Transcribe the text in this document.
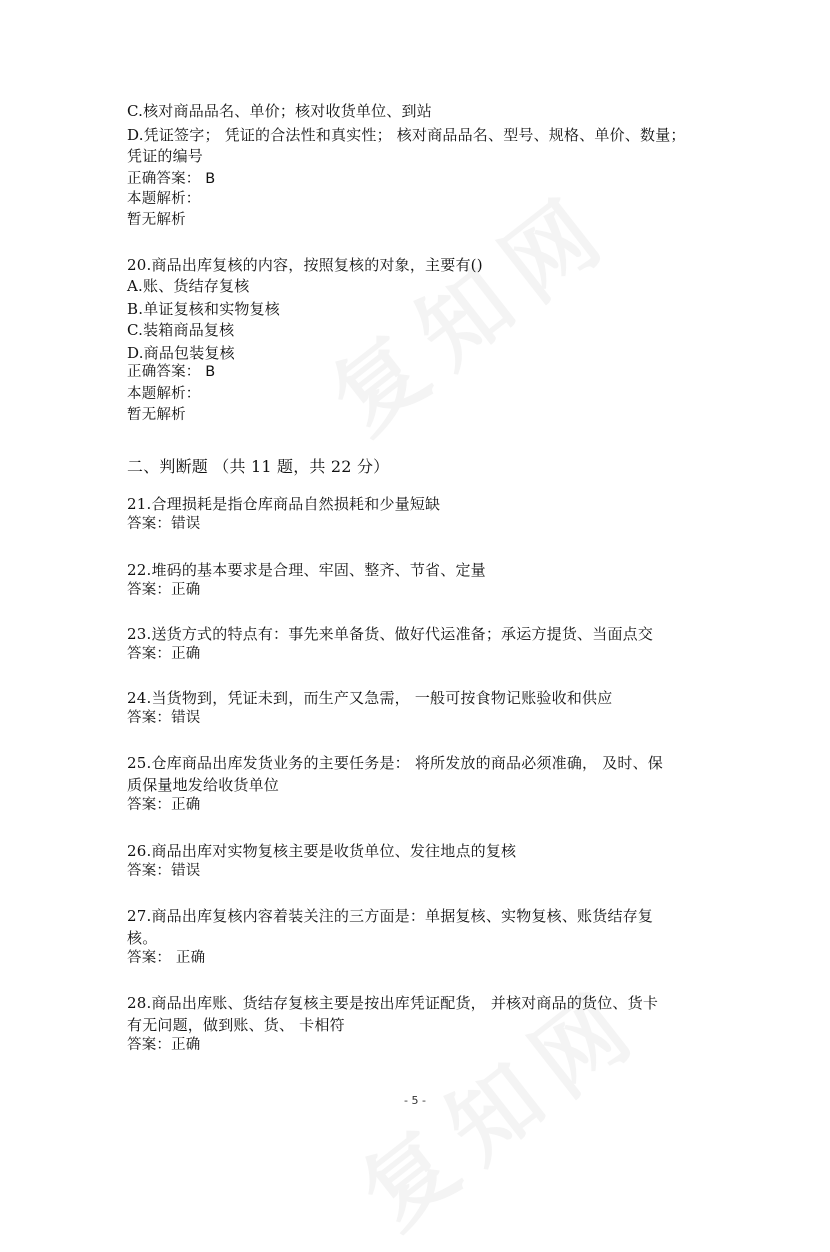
C.核对商品品名、单价；核对收货单位、到站
D.凭证签字； 凭证的合法性和真实性； 核对商品品名、型号、规格、单价、数量；
凭证的编号
正确答案： B
本题解析：
暂无解析
20.商品出库复核的内容，按照复核的对象，主要有()
A.账、货结存复核
B.单证复核和实物复核
C.装箱商品复核
D.商品包装复核
正确答案： B
本题解析：
暂无解析
二、判断题 （共 11 题，共 22 分）
21.合理损耗是指仓库商品自然损耗和少量短缺
答案：错误
22.堆码的基本要求是合理、牢固、整齐、节省、定量
答案：正确
23.送货方式的特点有：事先来单备货、做好代运准备；承运方提货、当面点交
答案：正确
24.当货物到，凭证未到，而生产又急需， 一般可按食物记账验收和供应
答案：错误
25.仓库商品出库发货业务的主要任务是： 将所发放的商品必须准确， 及时、保
质保量地发给收货单位
答案：正确
26.商品出库对实物复核主要是收货单位、发往地点的复核
答案：错误
27.商品出库复核内容着装关注的三方面是：单据复核、实物复核、账货结存复
核。
答案： 正确
28.商品出库账、货结存复核主要是按出库凭证配货， 并核对商品的货位、货卡
有无问题，做到账、货、 卡相符
答案：正确
- 5 -
